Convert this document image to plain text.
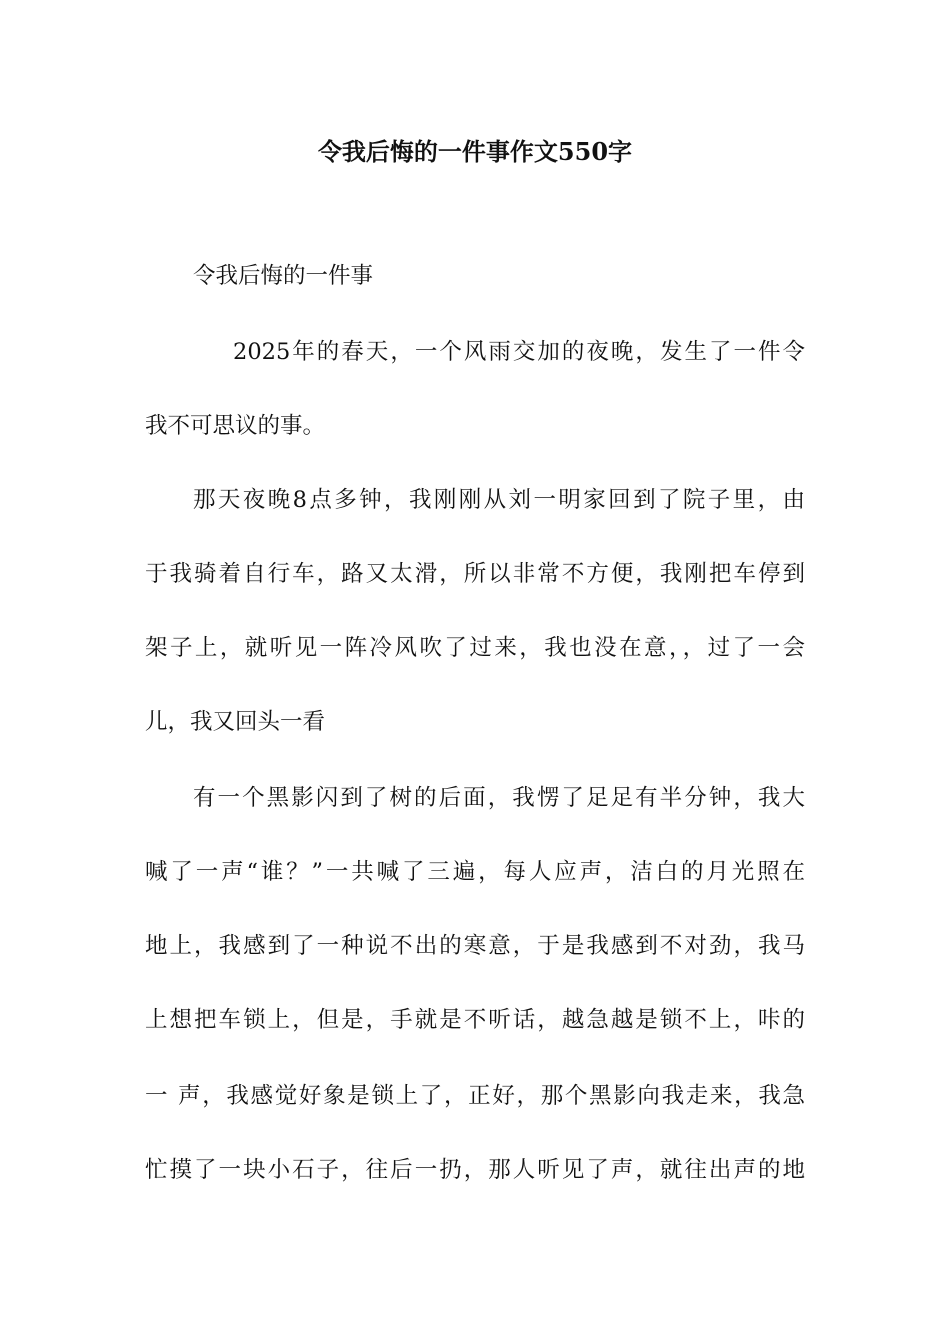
令我后悔的一件事作文550字

令我后悔的一件事

2025年的春天，一个风雨交加的夜晚，发生了一件令

我不可思议的事。

那天夜晚8点多钟，我刚刚从刘一明家回到了院子里，由

于我骑着自行车，路又太滑，所以非常不方便，我刚把车停到

架子上，就听见一阵冷风吹了过来，我也没在意，，过了一会

儿，我又回头一看

有一个黑影闪到了树的后面，我愣了足足有半分钟，我大

喊了一声“谁？”一共喊了三遍，每人应声，洁白的月光照在

地上，我感到了一种说不出的寒意，于是我感到不对劲，我马

上想把车锁上，但是，手就是不听话，越急越是锁不上，咔的

一 声，我感觉好象是锁上了，正好，那个黑影向我走来，我急

忙摸了一块小石子，往后一扔，那人听见了声，就往出声的地
